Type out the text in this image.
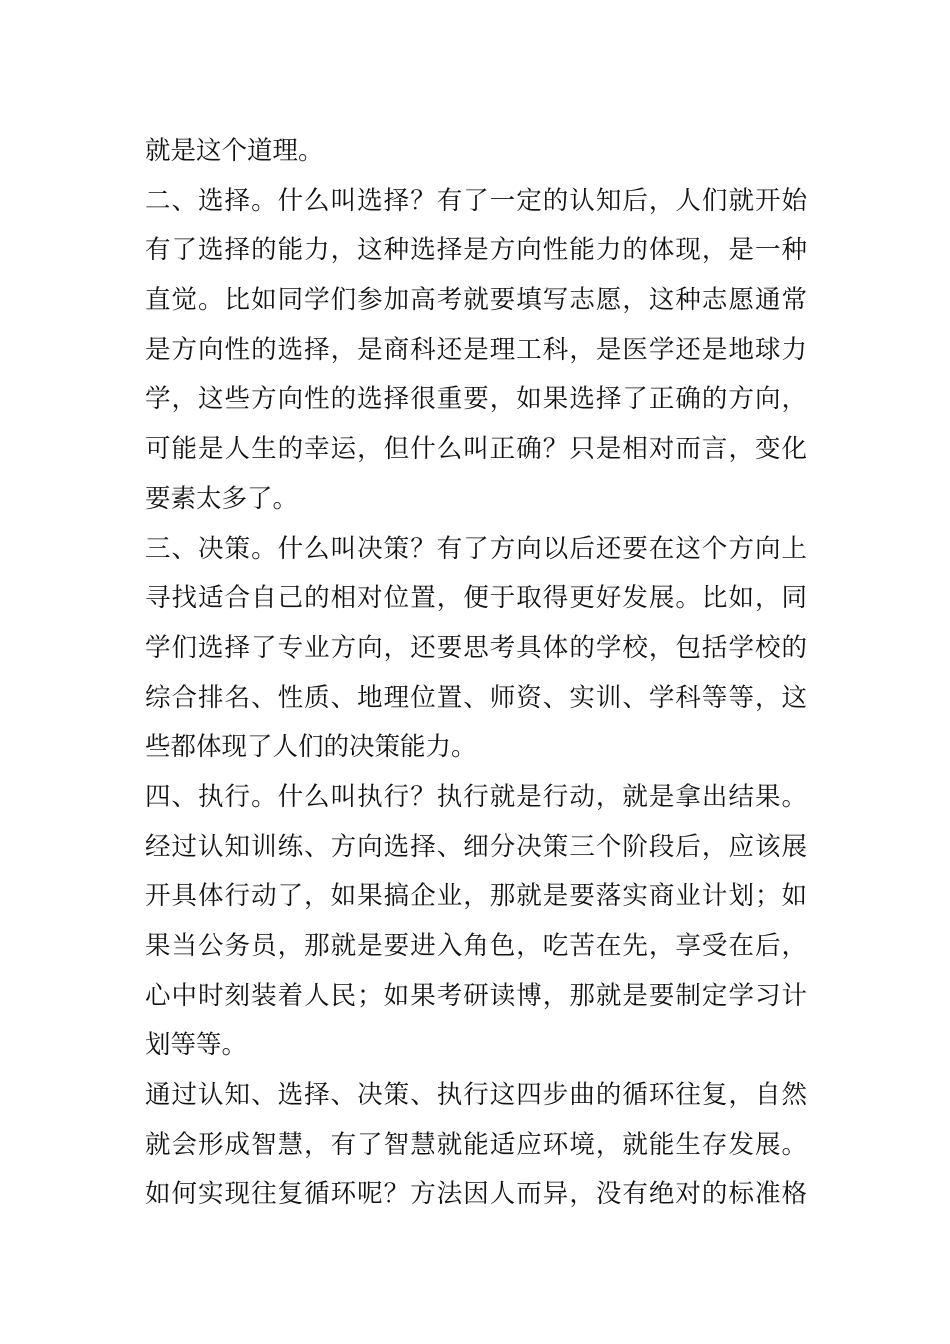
就是这个道理。
二、选择。什么叫选择？有了一定的认知后，人们就开始
有了选择的能力，这种选择是方向性能力的体现，是一种
直觉。比如同学们参加高考就要填写志愿，这种志愿通常
是方向性的选择，是商科还是理工科，是医学还是地球力
学，这些方向性的选择很重要，如果选择了正确的方向，
可能是人生的幸运，但什么叫正确？只是相对而言，变化
要素太多了。
三、决策。什么叫决策？有了方向以后还要在这个方向上
寻找适合自己的相对位置，便于取得更好发展。比如，同
学们选择了专业方向，还要思考具体的学校，包括学校的
综合排名、性质、地理位置、师资、实训、学科等等，这
些都体现了人们的决策能力。
四、执行。什么叫执行？执行就是行动，就是拿出结果。
经过认知训练、方向选择、细分决策三个阶段后，应该展
开具体行动了，如果搞企业，那就是要落实商业计划；如
果当公务员，那就是要进入角色，吃苦在先，享受在后，
心中时刻装着人民；如果考研读博，那就是要制定学习计
划等等。
通过认知、选择、决策、执行这四步曲的循环往复，自然
就会形成智慧，有了智慧就能适应环境，就能生存发展。
如何实现往复循环呢？方法因人而异，没有绝对的标准格
